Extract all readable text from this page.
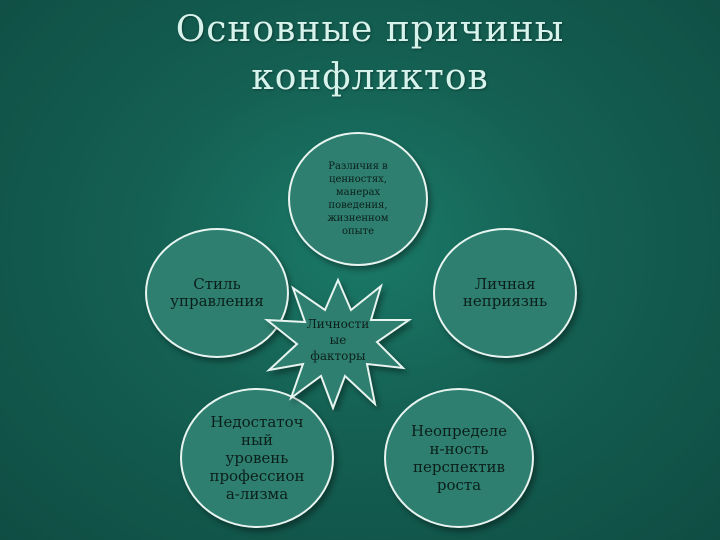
Основные причины
конфликтов
Различия в
ценностях,
манерах
поведения,
жизненном
опыте
Стиль
управления
Личная
неприязнь
Недостаточ
ный
уровень
профессион
а-лизма
Неопределе
н-ность
перспектив
роста
Личности
ые
факторы
